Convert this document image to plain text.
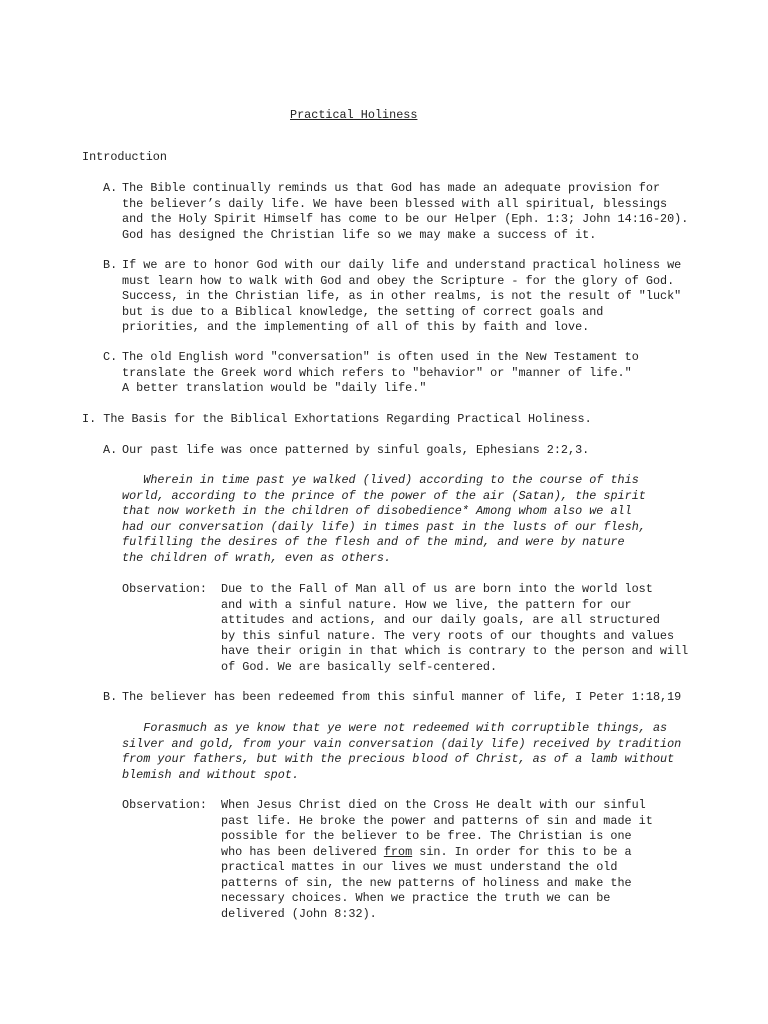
Practical Holiness
Introduction
A. The Bible continually reminds us that God has made an adequate provision for
the believer’s daily life. We have been blessed with all spiritual, blessings
and the Holy Spirit Himself has come to be our Helper (Eph. 1:3; John 14:16-20).
God has designed the Christian life so we may make a success of it.
B. If we are to honor God with our daily life and understand practical holiness we
must learn how to walk with God and obey the Scripture - for the glory of God.
Success, in the Christian life, as in other realms, is not the result of "luck"
but is due to a Biblical knowledge, the setting of correct goals and
priorities, and the implementing of all of this by faith and love.
C. The old English word "conversation" is often used in the New Testament to
translate the Greek word which refers to "behavior" or "manner of life."
A better translation would be "daily life."
I. The Basis for the Biblical Exhortations Regarding Practical Holiness.
A. Our past life was once patterned by sinful goals, Ephesians 2:2,3.
Wherein in time past ye walked (lived) according to the course of this
world, according to the prince of the power of the air (Satan), the spirit
that now worketh in the children of disobedience* Among whom also we all
had our conversation (daily life) in times past in the lusts of our flesh,
fulfilling the desires of the flesh and of the mind, and were by nature
the children of wrath, even as others.
Observation: Due to the Fall of Man all of us are born into the world lost
and with a sinful nature. How we live, the pattern for our
attitudes and actions, and our daily goals, are all structured
by this sinful nature. The very roots of our thoughts and values
have their origin in that which is contrary to the person and will
of God. We are basically self-centered.
B. The believer has been redeemed from this sinful manner of life, I Peter 1:18,19
Forasmuch as ye know that ye were not redeemed with corruptible things, as
silver and gold, from your vain conversation (daily life) received by tradition
from your fathers, but with the precious blood of Christ, as of a lamb without
blemish and without spot.
Observation: When Jesus Christ died on the Cross He dealt with our sinful
past life. He broke the power and patterns of sin and made it
possible for the believer to be free. The Christian is one
who has been delivered from sin. In order for this to be a
practical mattes in our lives we must understand the old
patterns of sin, the new patterns of holiness and make the
necessary choices. When we practice the truth we can be
delivered (John 8:32).
